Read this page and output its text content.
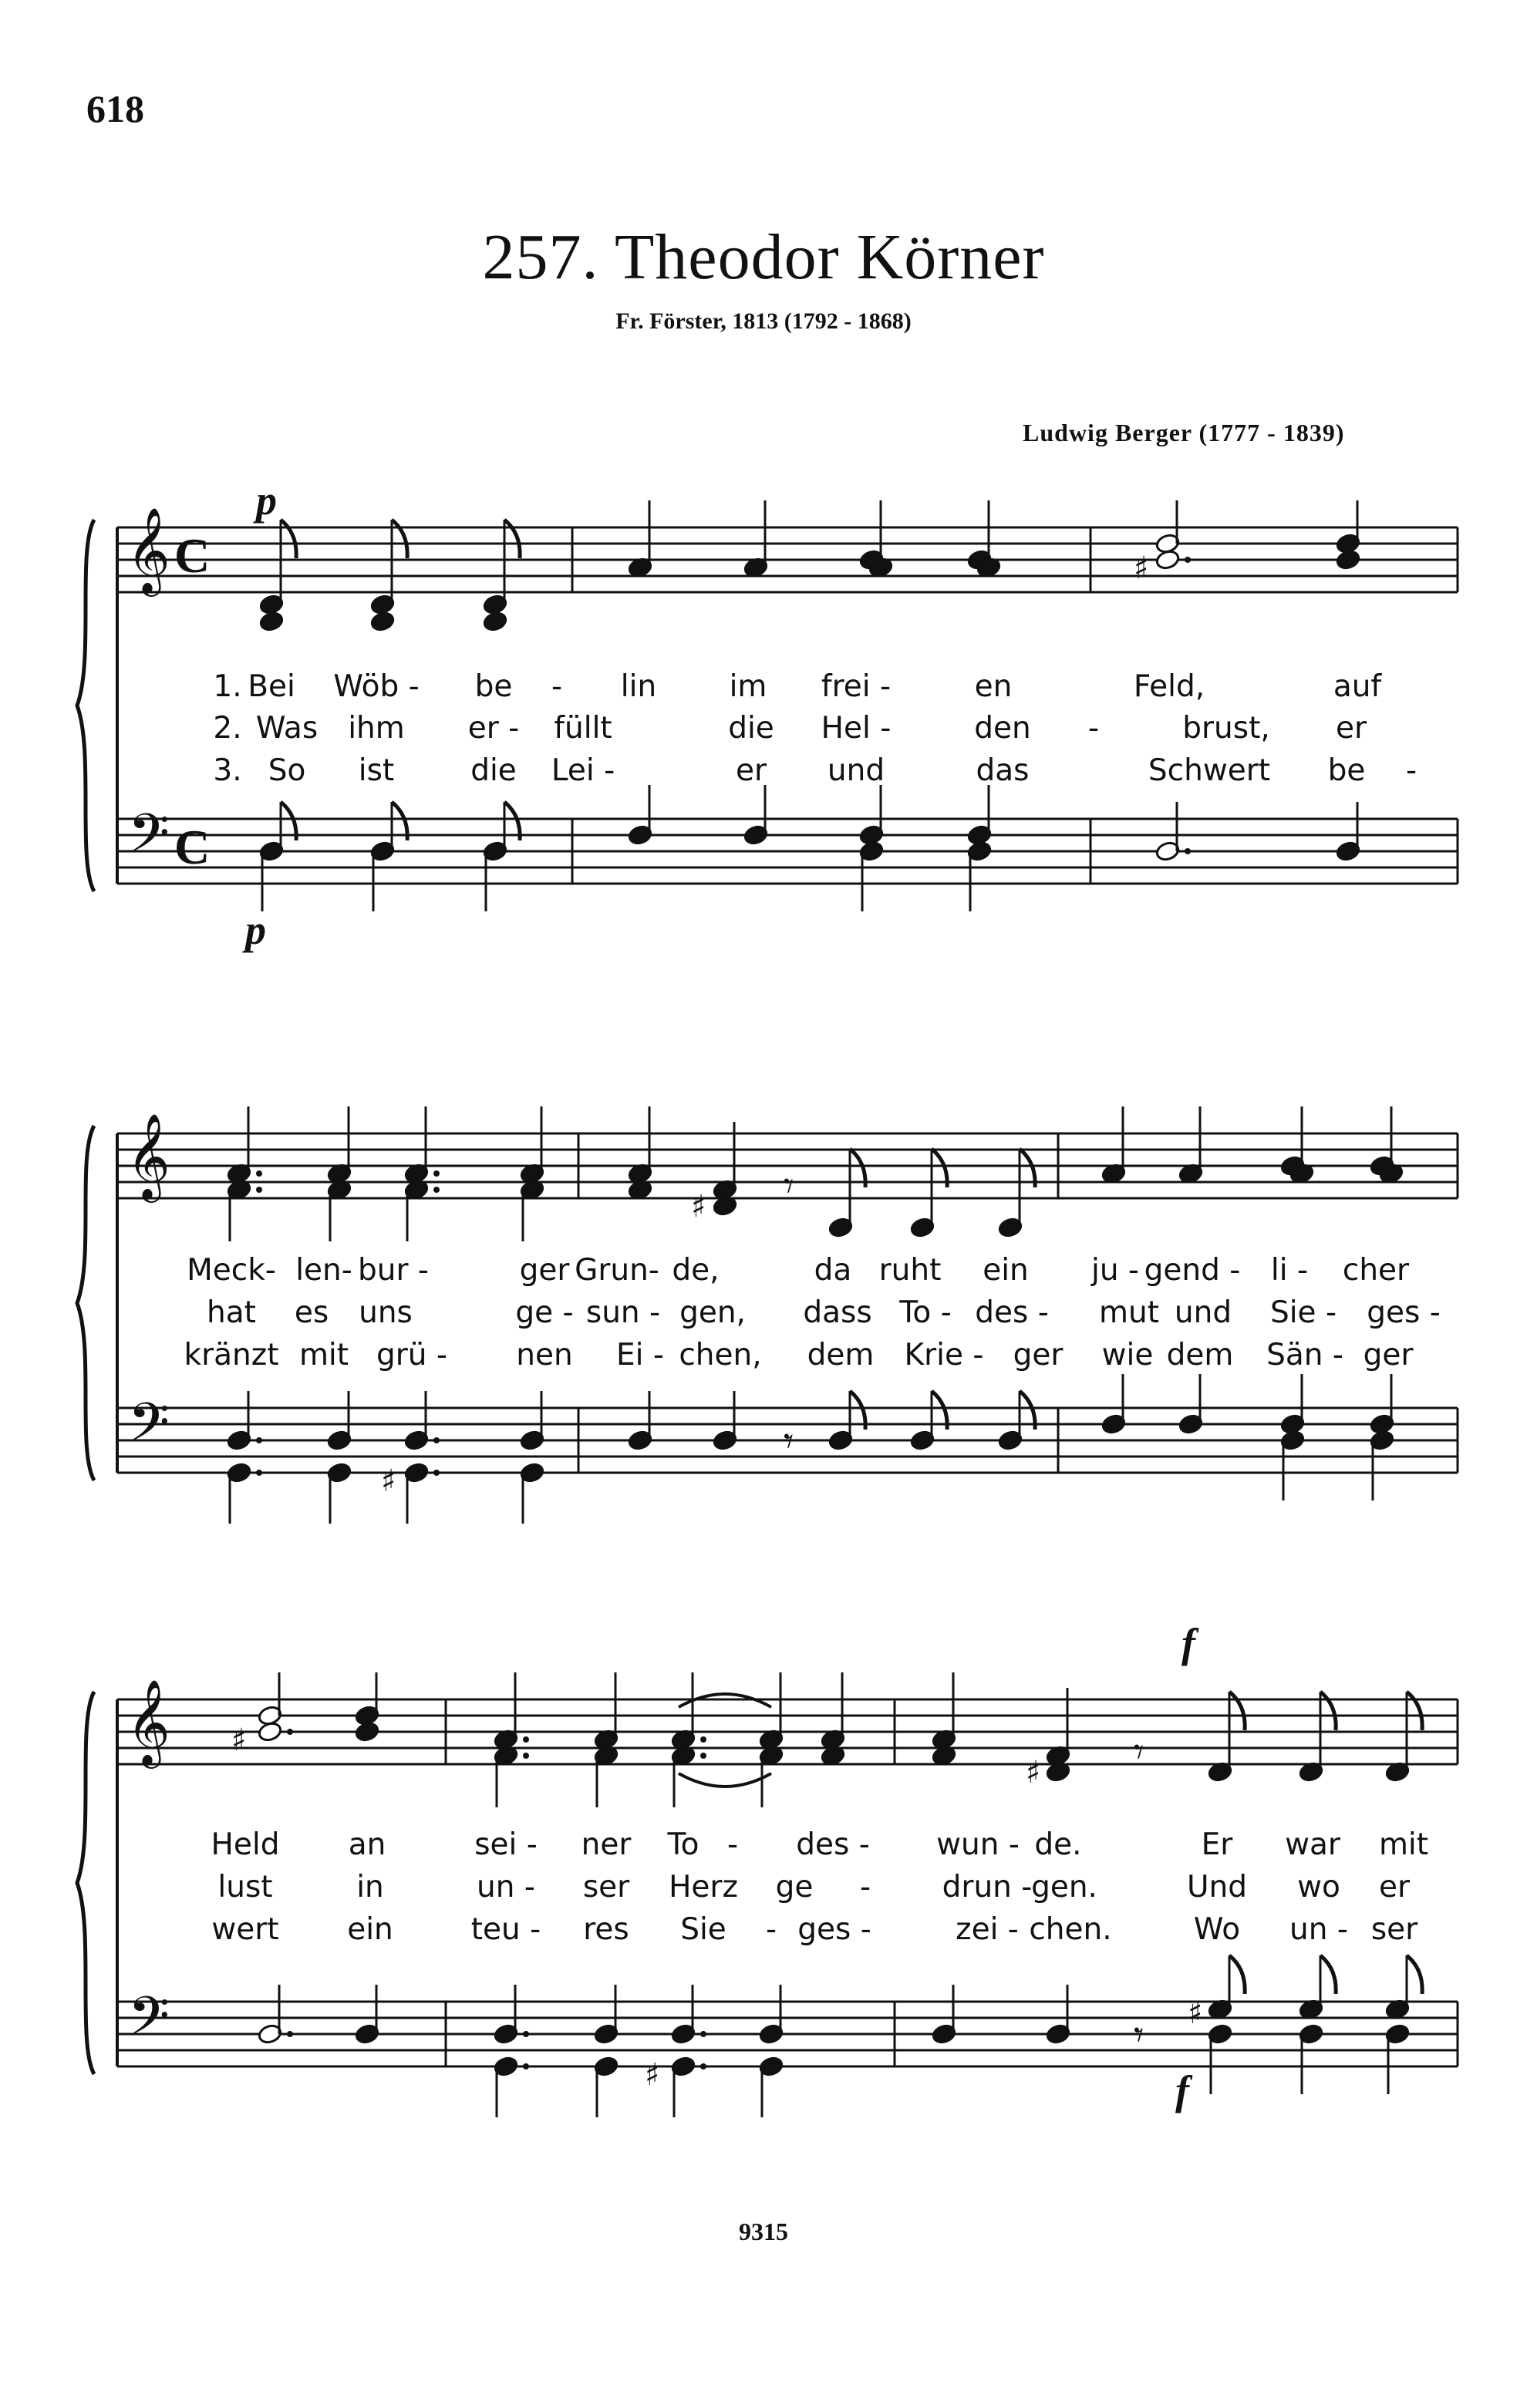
618
257. Theodor Körner
Fr. Förster, 1813 (1792 - 1868)
Ludwig Berger (1777 - 1839)
𝄞
𝄢
C
C
𝄞
𝄢
𝄞
𝄢
♯
♯ 𝄾
♯
𝄾
♯
♯ 𝄾
♯
𝄾 ♯
p
p
f
f
1. Bei Wöb - be - lin im frei -	en	Feld,	auf
2. Was ihm er - füllt	die Hel -	den -	brust, er
3. So ist	die Lei -	er und	das	Schwert be -
Meck- len- bur -	ger Grun- de,	da ruht ein ju - gend - li - cher
hat es uns	ge - sun - gen, dass To - des - mut und Sie - ges -
kränzt mit grü - nen Ei - chen, dem Krie - ger wie dem Sän - ger
Held an	sei - ner To - des - wun - de.	Er war mit
lust	in	un - ser Herz ge - drun -
gen.	Und wo er
wert ein	teu - res Sie - ges -	zei - chen.	Wo un - ser
9315
